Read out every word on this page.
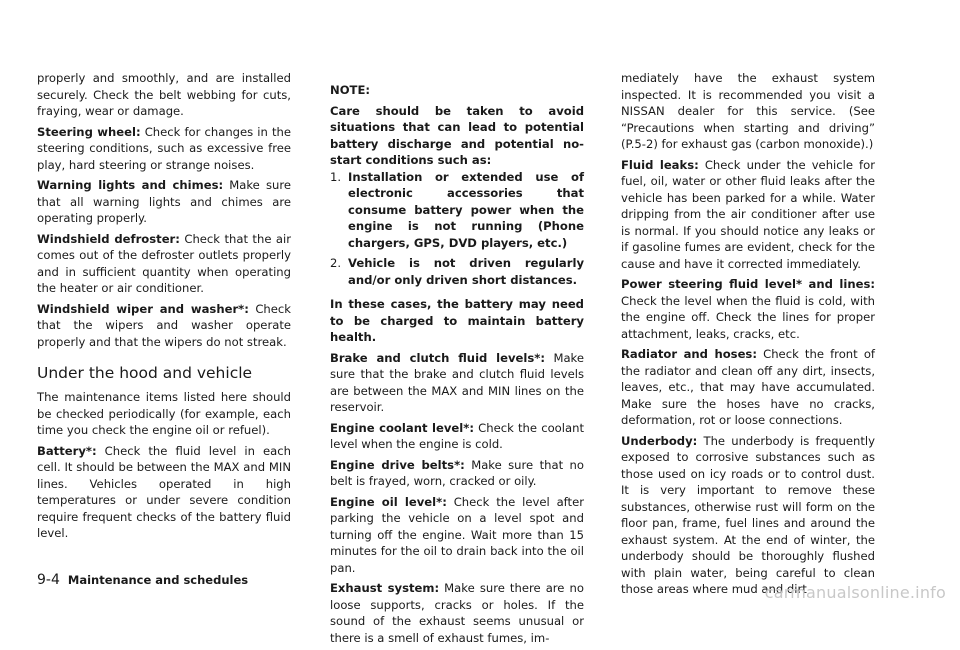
properly and smoothly, and are installed securely. Check the belt webbing for cuts, fraying, wear or damage.

Steering wheel: Check for changes in the steering conditions, such as excessive free play, hard steering or strange noises.

Warning lights and chimes: Make sure that all warning lights and chimes are operating properly.

Windshield defroster: Check that the air comes out of the defroster outlets properly and in sufficient quantity when operating the heater or air conditioner.

Windshield wiper and washer*: Check that the wipers and washer operate properly and that the wipers do not streak.

Under the hood and vehicle

The maintenance items listed here should be checked periodically (for example, each time you check the engine oil or refuel).

Battery*: Check the fluid level in each cell. It should be between the MAX and MIN lines. Vehicles operated in high temperatures or under severe condition require frequent checks of the battery fluid level.

NOTE:

Care should be taken to avoid situations that can lead to potential battery discharge and potential no-start conditions such as:

1. Installation or extended use of electronic accessories that consume battery power when the engine is not running (Phone chargers, GPS, DVD players, etc.)
2. Vehicle is not driven regularly and/or only driven short distances.

In these cases, the battery may need to be charged to maintain battery health.

Brake and clutch fluid levels*: Make sure that the brake and clutch fluid levels are between the MAX and MIN lines on the reservoir.

Engine coolant level*: Check the coolant level when the engine is cold.

Engine drive belts*: Make sure that no belt is frayed, worn, cracked or oily.

Engine oil level*: Check the level after parking the vehicle on a level spot and turning off the engine. Wait more than 15 minutes for the oil to drain back into the oil pan.

Exhaust system: Make sure there are no loose supports, cracks or holes. If the sound of the exhaust seems unusual or there is a smell of exhaust fumes, im-

mediately have the exhaust system inspected. It is recommended you visit a NISSAN dealer for this service. (See “Precautions when starting and driving” (P.5-2) for exhaust gas (carbon monoxide).)

Fluid leaks: Check under the vehicle for fuel, oil, water or other fluid leaks after the vehicle has been parked for a while. Water dripping from the air conditioner after use is normal. If you should notice any leaks or if gasoline fumes are evident, check for the cause and have it corrected immediately.

Power steering fluid level* and lines: Check the level when the fluid is cold, with the engine off. Check the lines for proper attachment, leaks, cracks, etc.

Radiator and hoses: Check the front of the radiator and clean off any dirt, insects, leaves, etc., that may have accumulated. Make sure the hoses have no cracks, deformation, rot or loose connections.

Underbody: The underbody is frequently exposed to corrosive substances such as those used on icy roads or to control dust. It is very important to remove these substances, otherwise rust will form on the floor pan, frame, fuel lines and around the exhaust system. At the end of winter, the underbody should be thoroughly flushed with plain water, being careful to clean those areas where mud and dirt

9-4 Maintenance and schedules
carmanualsonline.info
